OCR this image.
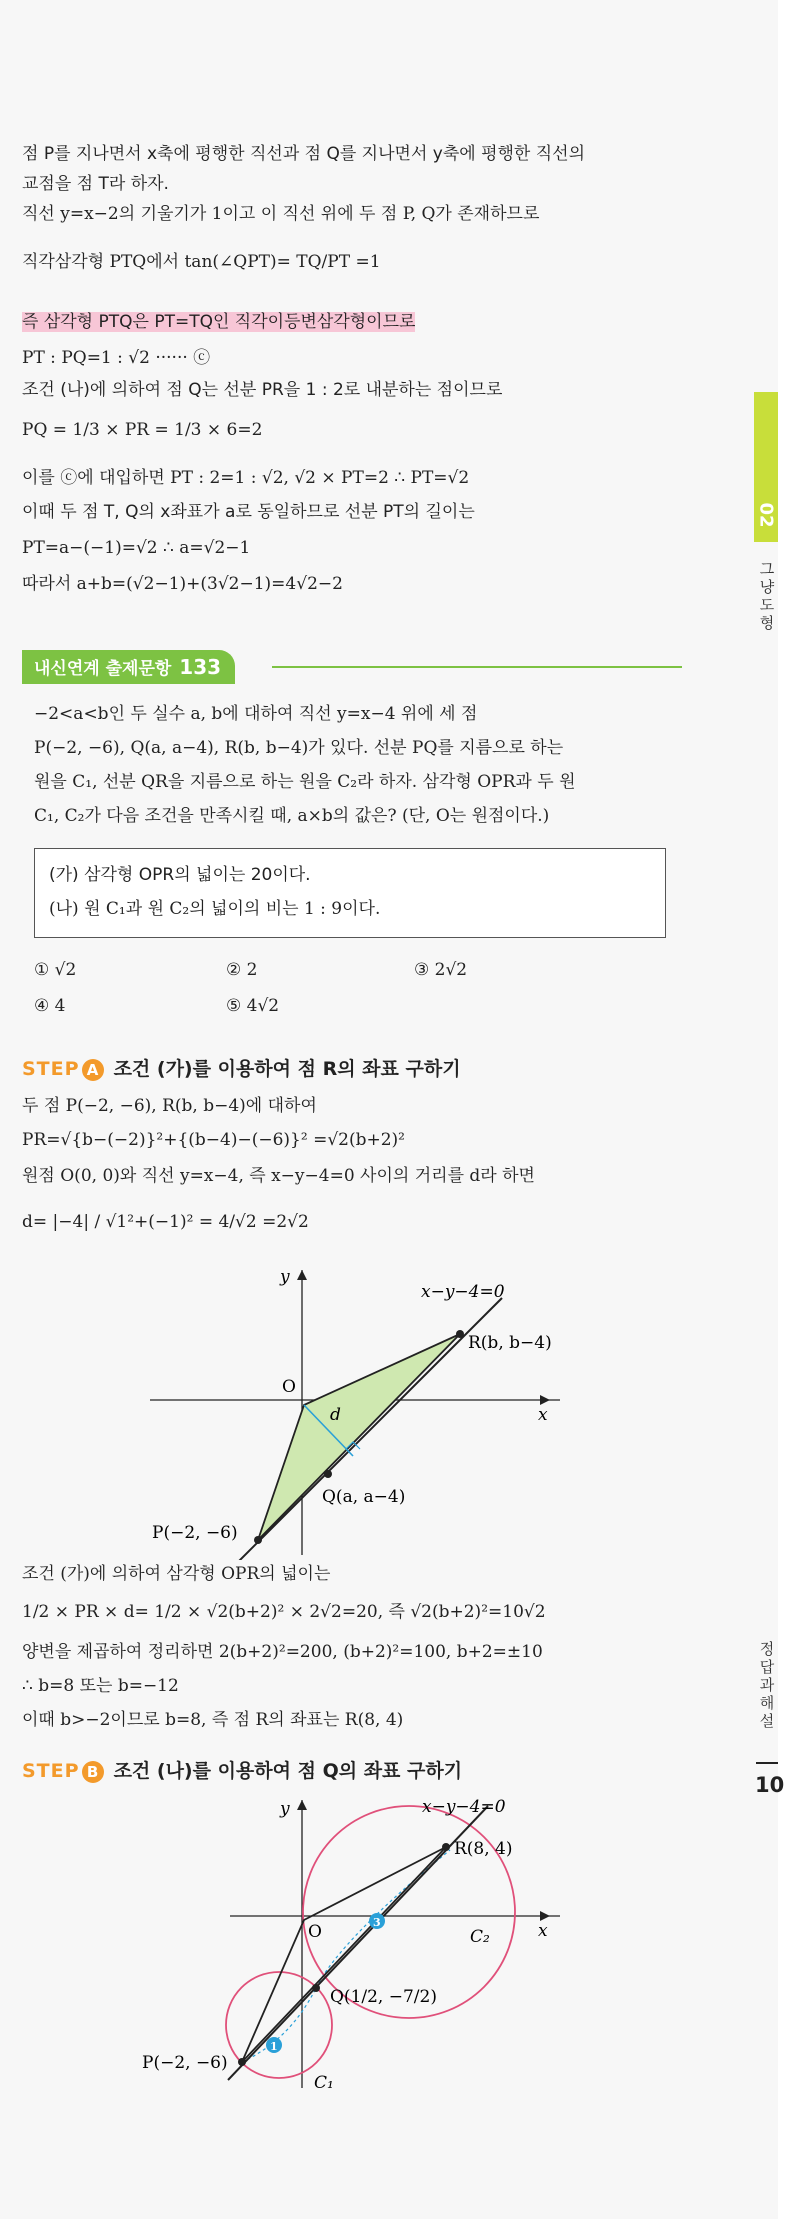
점 P를 지나면서 x축에 평행한 직선과 점 Q를 지나면서 y축에 평행한 직선의
교점을 점 T라 하자.
직선 y=x−2의 기울기가 1이고 이 직선 위에 두 점 P, Q가 존재하므로
직각삼각형 PTQ에서 tan(∠QPT)= TQ/PT =1
즉 삼각형 PTQ은 PT=TQ인 직각이등변삼각형이므로
PT : PQ=1 : √2 ······ ⓒ
조건 (나)에 의하여 점 Q는 선분 PR을 1 : 2로 내분하는 점이므로
PQ = 1/3 × PR = 1/3 × 6=2
이를 ⓒ에 대입하면 PT : 2=1 : √2, √2 × PT=2 ∴ PT=√2
이때 두 점 T, Q의 x좌표가 a로 동일하므로 선분 PT의 길이는
PT=a−(−1)=√2 ∴ a=√2−1
따라서 a+b=(√2−1)+(3√2−1)=4√2−2
내신연계 출제문항 133
−2<a<b인 두 실수 a, b에 대하여 직선 y=x−4 위에 세 점
P(−2, −6), Q(a, a−4), R(b, b−4)가 있다. 선분 PQ를 지름으로 하는
원을 C₁, 선분 QR을 지름으로 하는 원을 C₂라 하자. 삼각형 OPR과 두 원
C₁, C₂가 다음 조건을 만족시킬 때, a×b의 값은? (단, O는 원점이다.)
(가) 삼각형 OPR의 넓이는 20이다.
(나) 원 C₁과 원 C₂의 넓이의 비는 1 : 9이다.
① √2	② 2	③ 2√2
④ 4	⑤ 4√2
STEP A 조건 (가)를 이용하여 점 R의 좌표 구하기
두 점 P(−2, −6), R(b, b−4)에 대하여
PR=√{b−(−2)}²+{(b−4)−(−6)}² =√2(b+2)²
원점 O(0, 0)와 직선 y=x−4, 즉 x−y−4=0 사이의 거리를 d라 하면
d= |−4| / √1²+(−1)² = 4/√2 =2√2
조건 (가)에 의하여 삼각형 OPR의 넓이는
1/2 × PR × d= 1/2 × √2(b+2)² × 2√2=20, 즉 √2(b+2)²=10√2
양변을 제곱하여 정리하면 2(b+2)²=200, (b+2)²=100, b+2=±10
∴ b=8 또는 b=−12
이때 b>−2이므로 b=8, 즉 점 R의 좌표는 R(8, 4)
STEP B 조건 (나)를 이용하여 점 Q의 좌표 구하기
x−y−4=0
y
x
O
d
R(b, b−4)
Q(a, a−4)
P(−2, −6)
1
3
x−y−4=0
y
x
O
R(8, 4)
Q(1/2, −7/2)
P(−2, −6)
C₂
C₁
02
그냥도형
정답과해설
10
